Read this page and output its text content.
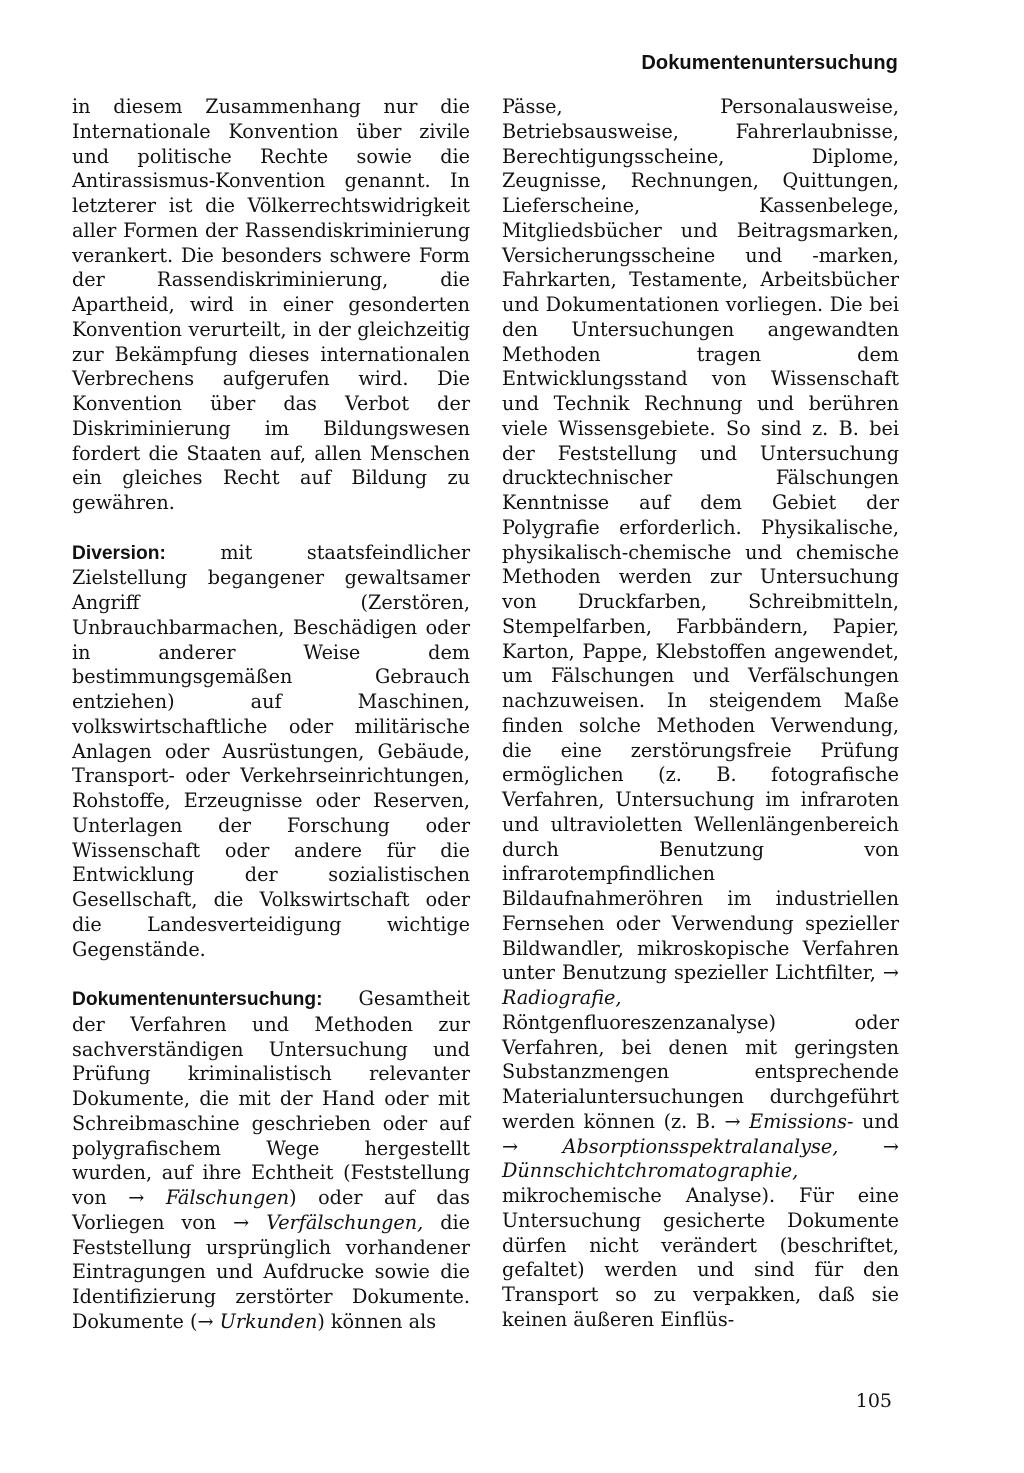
Dokumentenuntersuchung

in diesem Zusammenhang nur die Internationale Konvention über zivile und politische Rechte sowie die Antirassismus-Konvention genannt. In letzterer ist die Völkerrechtswidrigkeit aller Formen der Rassendiskriminierung verankert. Die besonders schwere Form der Rassendiskriminierung, die Apartheid, wird in einer gesonderten Konvention verurteilt, in der gleichzeitig zur Bekämpfung dieses internationalen Verbrechens aufgerufen wird. Die Konvention über das Verbot der Diskriminierung im Bildungswesen fordert die Staaten auf, allen Menschen ein gleiches Recht auf Bildung zu gewähren.

Diversion: mit staatsfeindlicher Zielstellung begangener gewaltsamer Angriff (Zerstören, Unbrauchbarmachen, Beschädigen oder in anderer Weise dem bestimmungsgemäßen Gebrauch entziehen) auf Maschinen, volkswirtschaftliche oder militärische Anlagen oder Ausrüstungen, Gebäude, Transport- oder Verkehrseinrichtungen, Rohstoffe, Erzeugnisse oder Reserven, Unterlagen der Forschung oder Wissenschaft oder andere für die Entwicklung der sozialistischen Gesellschaft, die Volkswirtschaft oder die Landesverteidigung wichtige Gegenstände.

Dokumentenuntersuchung: Gesamtheit der Verfahren und Methoden zur sachverständigen Untersuchung und Prüfung kriminalistisch relevanter Dokumente, die mit der Hand oder mit Schreibmaschine geschrieben oder auf polygrafischem Wege hergestellt wurden, auf ihre Echtheit (Feststellung von → Fälschungen) oder auf das Vorliegen von → Verfälschungen, die Feststellung ursprünglich vorhandener Eintragungen und Aufdrucke sowie die Identifizierung zerstörter Dokumente. Dokumente (→ Urkunden) können als

Pässe, Personalausweise, Betriebsausweise, Fahrerlaubnisse, Berechtigungsscheine, Diplome, Zeugnisse, Rechnungen, Quittungen, Lieferscheine, Kassenbelege, Mitgliedsbücher und Beitragsmarken, Versicherungsscheine und -marken, Fahrkarten, Testamente, Arbeitsbücher und Dokumentationen vorliegen. Die bei den Untersuchungen angewandten Methoden tragen dem Entwicklungsstand von Wissenschaft und Technik Rechnung und berühren viele Wissensgebiete. So sind z. B. bei der Feststellung und Untersuchung drucktechnischer Fälschungen Kenntnisse auf dem Gebiet der Polygrafie erforderlich. Physikalische, physikalisch-chemische und chemische Methoden werden zur Untersuchung von Druckfarben, Schreibmitteln, Stempelfarben, Farbbändern, Papier, Karton, Pappe, Klebstoffen angewendet, um Fälschungen und Verfälschungen nachzuweisen. In steigendem Maße finden solche Methoden Verwendung, die eine zerstörungsfreie Prüfung ermöglichen (z. B. fotografische Verfahren, Untersuchung im infraroten und ultravioletten Wellenlängenbereich durch Benutzung von infrarotempfindlichen Bildaufnahmeröhren im industriellen Fernsehen oder Verwendung spezieller Bildwandler, mikroskopische Verfahren unter Benutzung spezieller Lichtfilter, → Radiografie, Röntgenfluoreszenzanalyse) oder Verfahren, bei denen mit geringsten Substanzmengen entsprechende Materialuntersuchungen durchgeführt werden können (z. B. → Emissions- und → Absorptionsspektralanalyse, → Dünnschichtchromatographie, mikrochemische Analyse). Für eine Untersuchung gesicherte Dokumente dürfen nicht verändert (beschriftet, gefaltet) werden und sind für den Transport so zu verpakken, daß sie keinen äußeren Einflüs-

105
